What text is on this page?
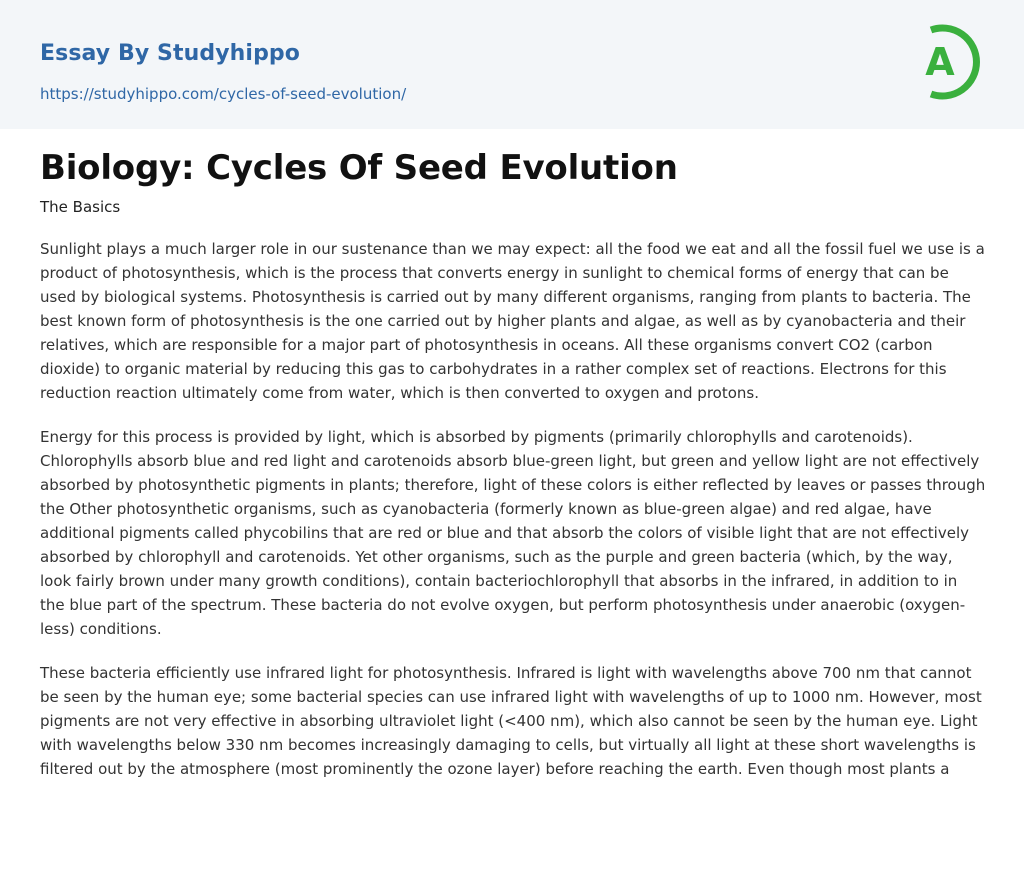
Essay By Studyhippo
https://studyhippo.com/cycles-of-seed-evolution/
A
Biology: Cycles Of Seed Evolution
The Basics

Sunlight plays a much larger role in our sustenance than we may expect: all the food we eat and all the fossil fuel we use is a product of photosynthesis, which is the process that converts energy in sunlight to chemical forms of energy that can be used by biological systems. Photosynthesis is carried out by many different organisms, ranging from plants to bacteria. The best known form of photosynthesis is the one carried out by higher plants and algae, as well as by cyanobacteria and their relatives, which are responsible for a major part of photosynthesis in oceans. All these organisms convert CO2 (carbon dioxide) to organic material by reducing this gas to carbohydrates in a rather complex set of reactions. Electrons for this reduction reaction ultimately come from water, which is then converted to oxygen and protons.

Energy for this process is provided by light, which is absorbed by pigments (primarily chlorophylls and carotenoids). Chlorophylls absorb blue and red light and carotenoids absorb blue-green light, but green and yellow light are not effectively absorbed by photosynthetic pigments in plants; therefore, light of these colors is either reflected by leaves or passes through the Other photosynthetic organisms, such as cyanobacteria (formerly known as blue-green algae) and red algae, have additional pigments called phycobilins that are red or blue and that absorb the colors of visible light that are not effectively absorbed by chlorophyll and carotenoids. Yet other organisms, such as the purple and green bacteria (which, by the way, look fairly brown under many growth conditions), contain bacteriochlorophyll that absorbs in the infrared, in addition to in the blue part of the spectrum. These bacteria do not evolve oxygen, but perform photosynthesis under anaerobic (oxygen-less) conditions.

These bacteria efficiently use infrared light for photosynthesis. Infrared is light with wavelengths above 700 nm that cannot be seen by the human eye; some bacterial species can use infrared light with wavelengths of up to 1000 nm. However, most pigments are not very effective in absorbing ultraviolet light (<400 nm), which also cannot be seen by the human eye. Light with wavelengths below 330 nm becomes increasingly damaging to cells, but virtually all light at these short wavelengths is filtered out by the atmosphere (most prominently the ozone layer) before reaching the earth. Even though most plants a
